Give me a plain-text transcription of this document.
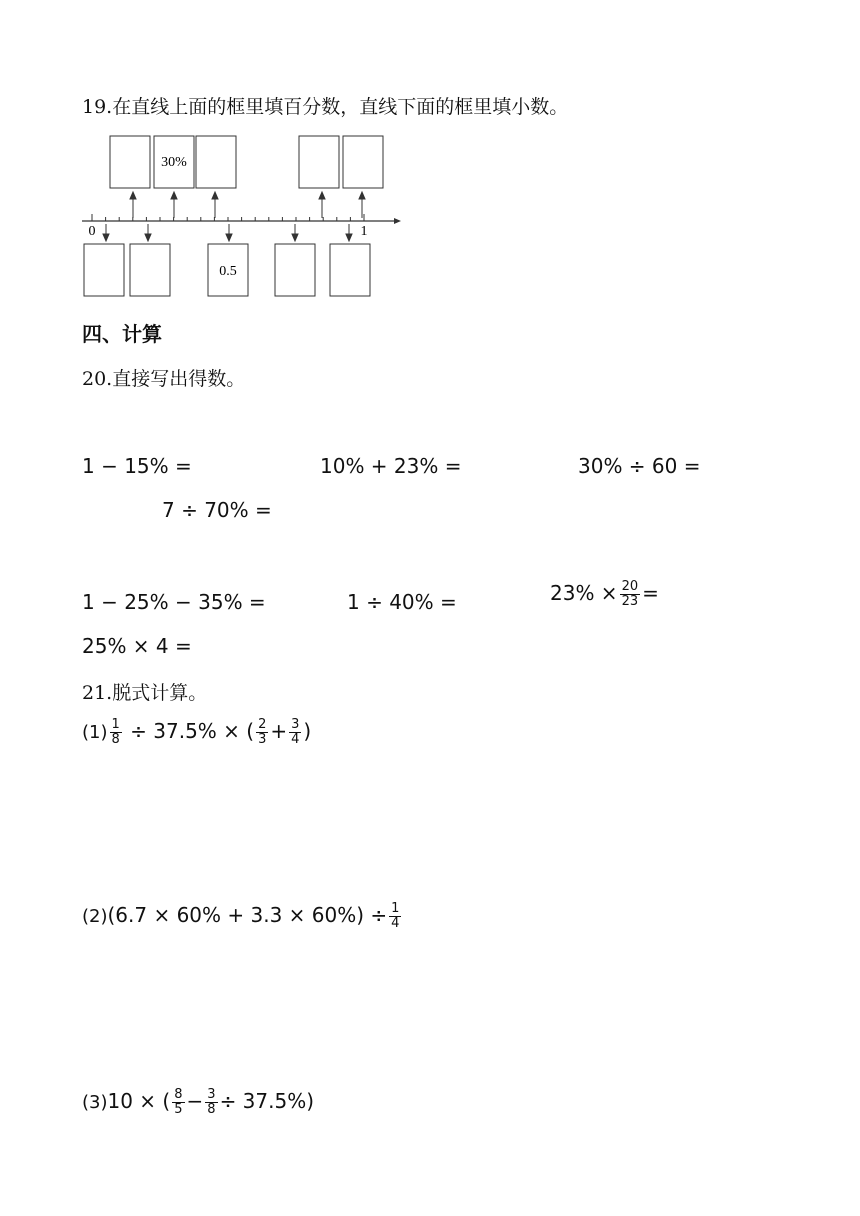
19.在直线上面的框里填百分数，直线下面的框里填小数。
30%
0	1
0.5
四、计算
20.直接写出得数。
1 − 15% =	10% + 23% =	30% ÷ 60 =
7 ÷ 70% =
1 − 25% − 35% =	1 ÷ 40% =	$23\% \times \frac{20}{23}$ =
25% × 4 =
21.脱式计算。
$(1) \frac{1}{8} \div 37.5\%$ × ( $\frac{2}{3} + \frac{3}{4}$ )
$(2)(6.7 \times 60\% + 3.3 \times 60\%) \div \frac{1}{4}$
(3)10 × ( $\frac{8}{5} - \frac{3}{8} \div 37.5\%$)
